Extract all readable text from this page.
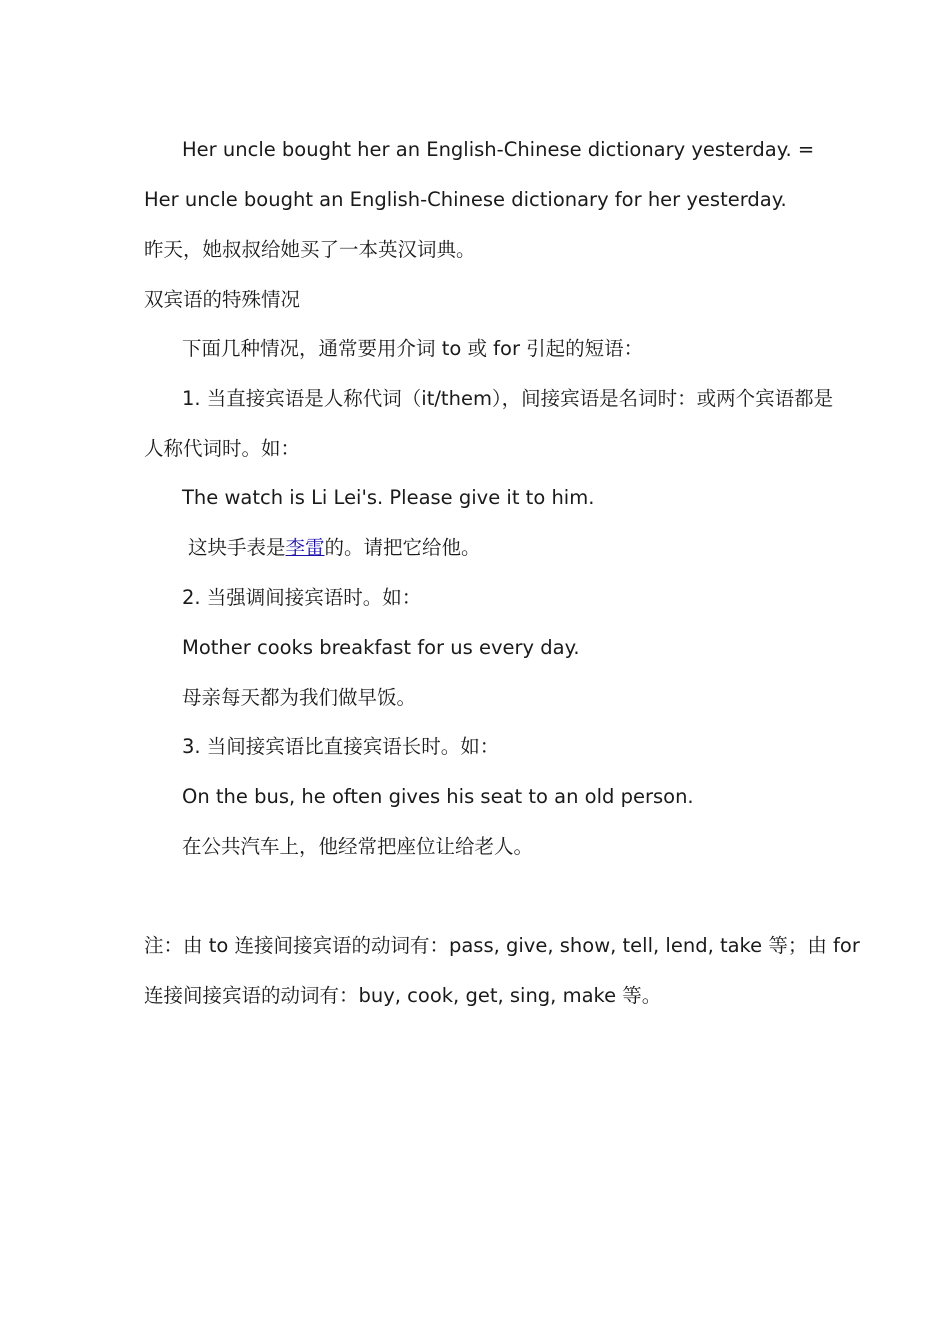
Her uncle bought her an English-Chinese dictionary yesterday. =
Her uncle bought an English-Chinese dictionary for her yesterday.
昨天，她叔叔给她买了一本英汉词典。
双宾语的特殊情况
下面几种情况，通常要用介词 to 或 for 引起的短语：
1. 当直接宾语是人称代词（it/them），间接宾语是名词时：或两个宾语都是
人称代词时。如：
The watch is Li Lei's. Please give it to him.
这块手表是李雷的。请把它给他。
2. 当强调间接宾语时。如：
Mother cooks breakfast for us every day.
母亲每天都为我们做早饭。
3. 当间接宾语比直接宾语长时。如：
On the bus, he often gives his seat to an old person.
在公共汽车上，他经常把座位让给老人。
注：由 to 连接间接宾语的动词有：pass, give, show, tell, lend, take 等；由 for
连接间接宾语的动词有：buy, cook, get, sing, make 等。
